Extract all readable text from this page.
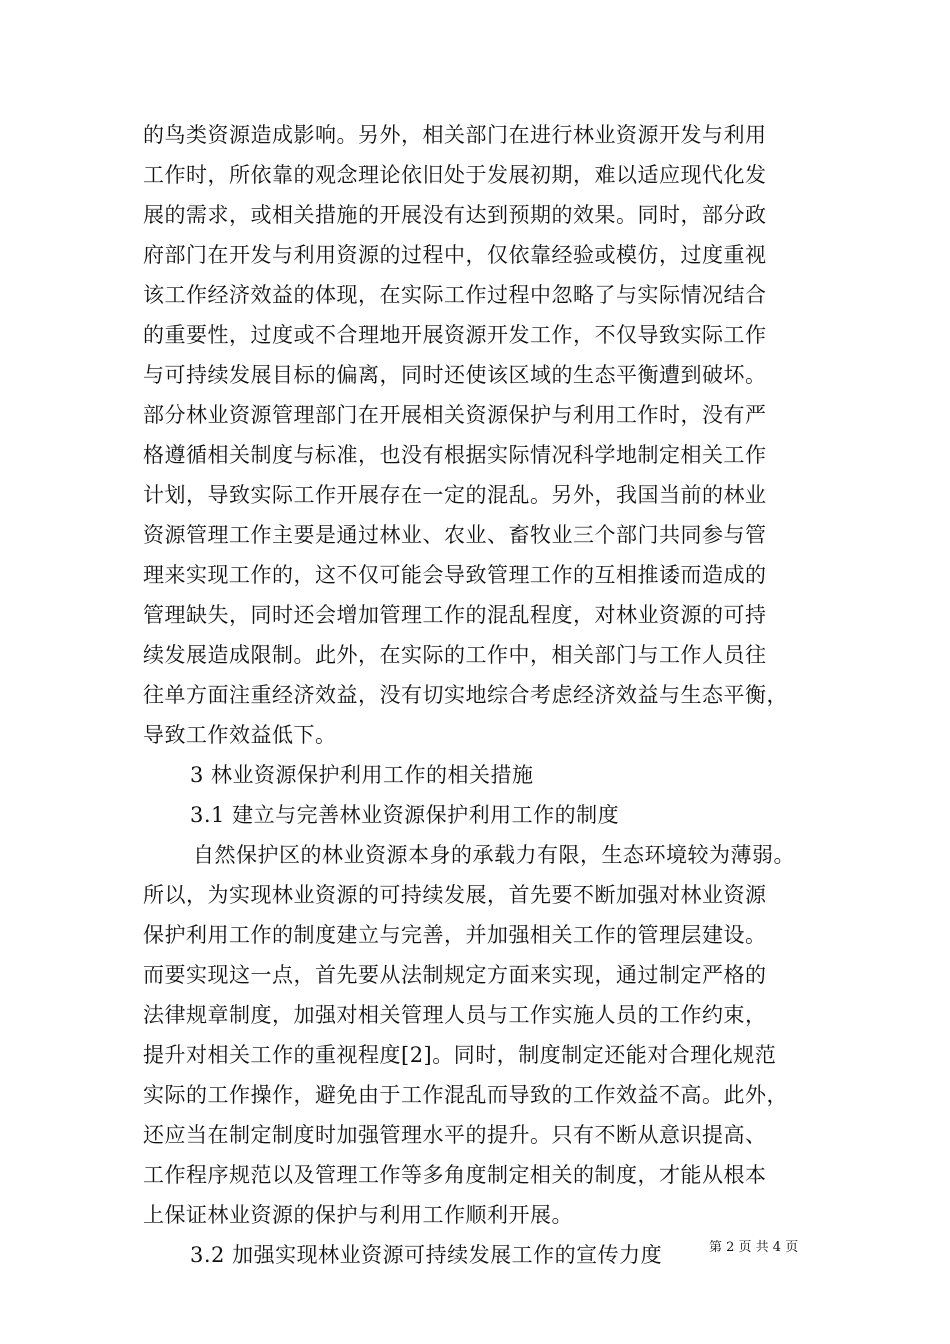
的鸟类资源造成影响。另外，相关部门在进行林业资源开发与利用
工作时，所依靠的观念理论依旧处于发展初期，难以适应现代化发
展的需求，或相关措施的开展没有达到预期的效果。同时，部分政
府部门在开发与利用资源的过程中，仅依靠经验或模仿，过度重视
该工作经济效益的体现，在实际工作过程中忽略了与实际情况结合
的重要性，过度或不合理地开展资源开发工作，不仅导致实际工作
与可持续发展目标的偏离，同时还使该区域的生态平衡遭到破坏。
部分林业资源管理部门在开展相关资源保护与利用工作时，没有严
格遵循相关制度与标准，也没有根据实际情况科学地制定相关工作
计划，导致实际工作开展存在一定的混乱。另外，我国当前的林业
资源管理工作主要是通过林业、农业、畜牧业三个部门共同参与管
理来实现工作的，这不仅可能会导致管理工作的互相推诿而造成的
管理缺失，同时还会增加管理工作的混乱程度，对林业资源的可持
续发展造成限制。此外，在实际的工作中，相关部门与工作人员往
往单方面注重经济效益，没有切实地综合考虑经济效益与生态平衡，
导致工作效益低下。
3 林业资源保护利用工作的相关措施
3.1 建立与完善林业资源保护利用工作的制度
自然保护区的林业资源本身的承载力有限，生态环境较为薄弱。
所以，为实现林业资源的可持续发展，首先要不断加强对林业资源
保护利用工作的制度建立与完善，并加强相关工作的管理层建设。
而要实现这一点，首先要从法制规定方面来实现，通过制定严格的
法律规章制度，加强对相关管理人员与工作实施人员的工作约束，
提升对相关工作的重视程度[2]。同时，制度制定还能对合理化规范
实际的工作操作，避免由于工作混乱而导致的工作效益不高。此外，
还应当在制定制度时加强管理水平的提升。只有不断从意识提高、
工作程序规范以及管理工作等多角度制定相关的制度，才能从根本
上保证林业资源的保护与利用工作顺利开展。
3.2 加强实现林业资源可持续发展工作的宣传力度	第 2 页 共 4 页
